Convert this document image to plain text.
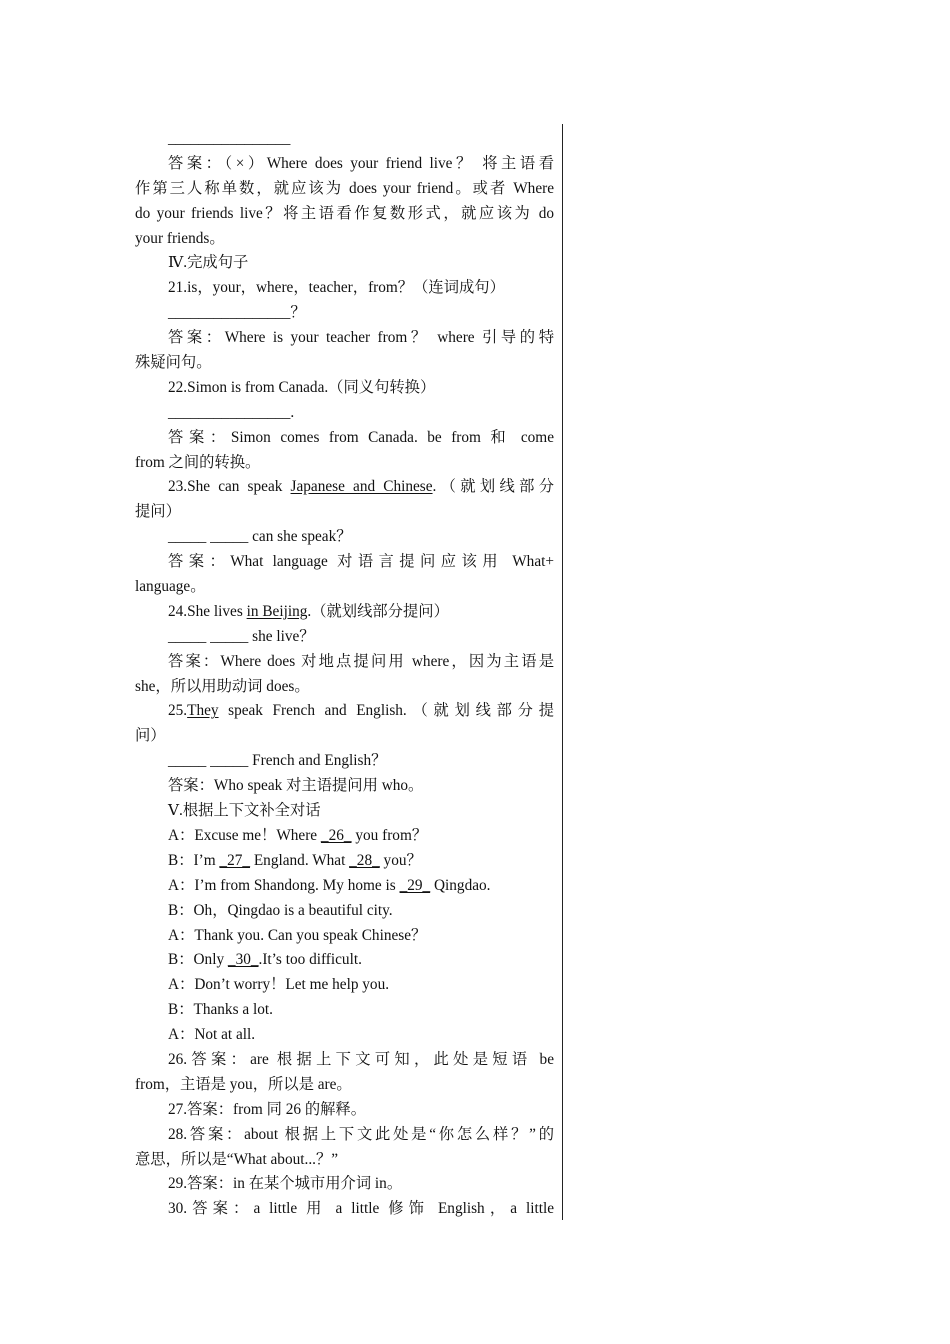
________________
答案：（×）Where does your friend live？ 将主语看
作第三人称单数，就应该为 does your friend。或者 Where
do your friends live？将主语看作复数形式，就应该为 do
your friends。
Ⅳ.完成句子
21.is，your，where，teacher，from？（连词成句）
________________？
答案：Where is your teacher from？ where 引导的特
殊疑问句。
22.Simon is from Canada.（同义句转换）
________________.
答案：Simon comes from Canada. be from 和 come
from 之间的转换。
23.She can speak Japanese and Chinese.（就划线部分
提问）
_____ _____ can she speak？
答案：What language 对语言提问应该用 What+
language。
24.She lives in Beijing.（就划线部分提问）
_____ _____ she live？
答案：Where does 对地点提问用 where，因为主语是
she，所以用助动词 does。
25.They speak French and English.（就划线部分提
问）
_____ _____ French and English？
答案：Who speak 对主语提问用 who。
Ⅴ.根据上下文补全对话
A：Excuse me！Where _26_ you from？
B：I’m _27_ England. What _28_ you？
A：I’m from Shandong. My home is _29_ Qingdao.
B：Oh，Qingdao is a beautiful city.
A：Thank you. Can you speak Chinese？
B：Only _30_.It’s too difficult.
A：Don’t worry！Let me help you.
B：Thanks a lot.
A：Not at all.
26.答案：are 根据上下文可知，此处是短语 be
from，主语是 you，所以是 are。
27.答案：from 同 26 的解释。
28.答案：about 根据上下文此处是“你怎么样？”的
意思，所以是“What about...？”
29.答案：in 在某个城市用介词 in。
30.答案：a little 用 a little 修饰 English，a little
